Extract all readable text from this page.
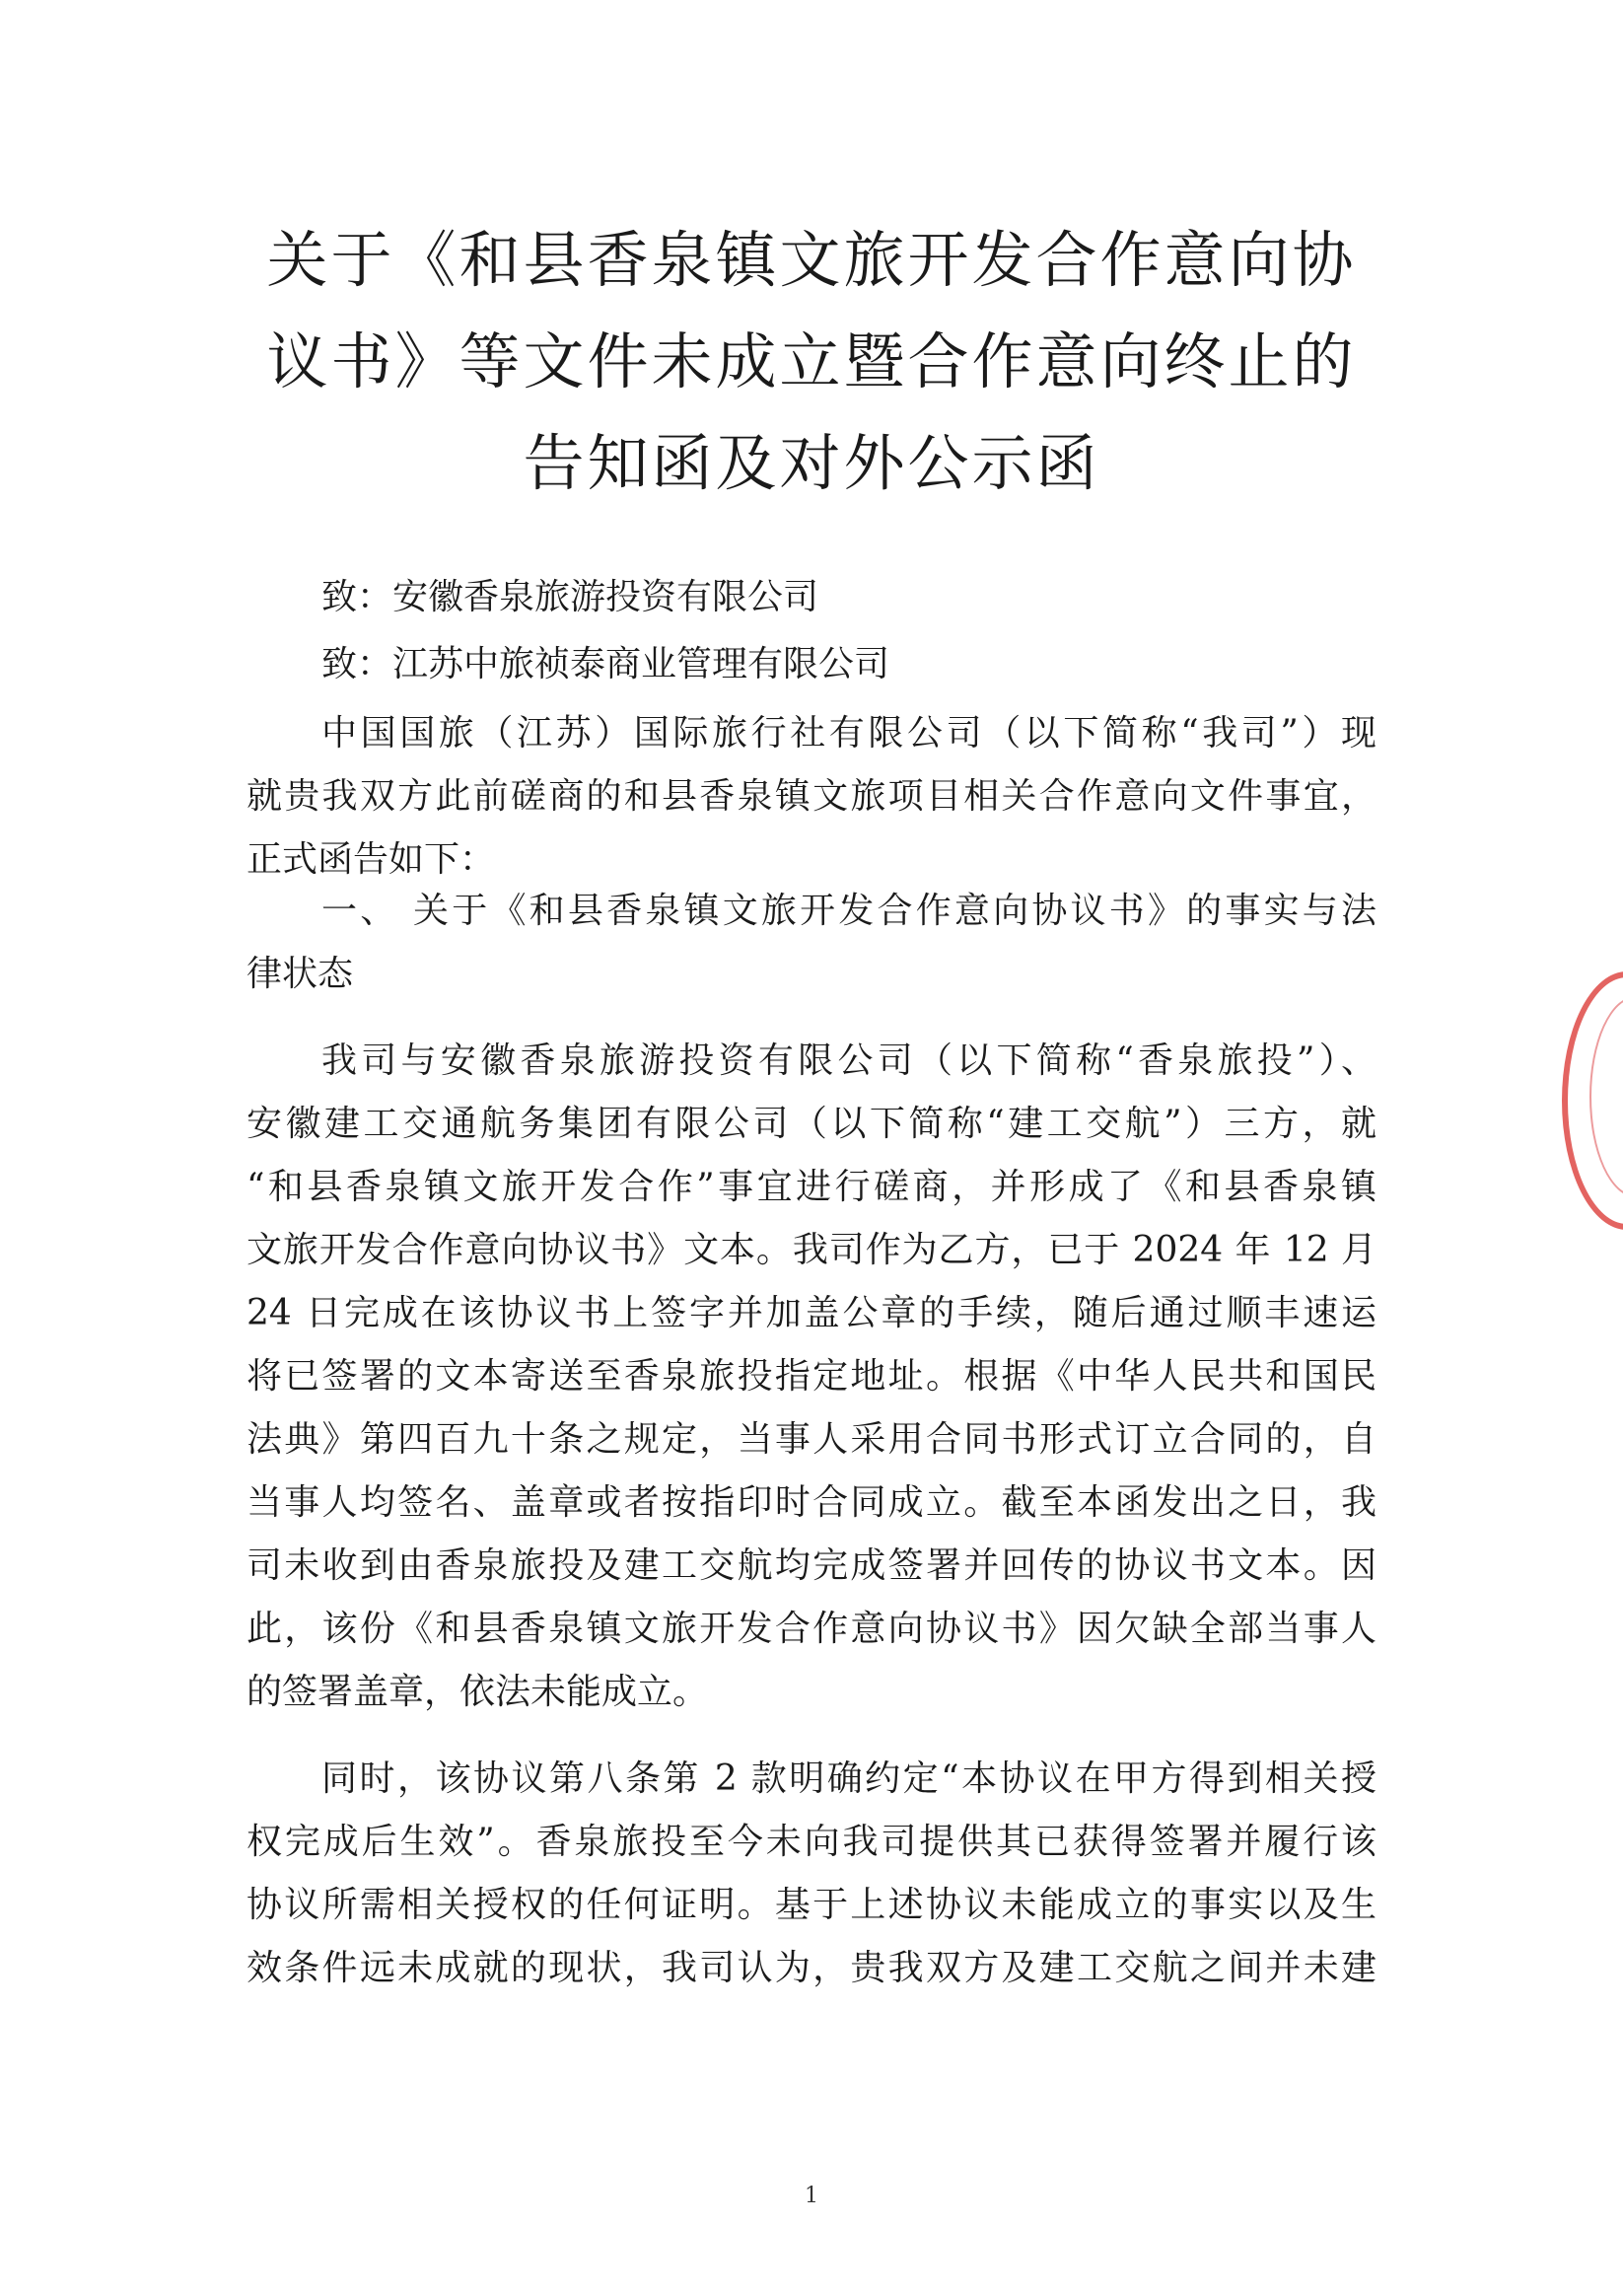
关于《和县香泉镇文旅开发合作意向协
议书》等文件未成立暨合作意向终止的
告知函及对外公示函
致：安徽香泉旅游投资有限公司
致：江苏中旅祯泰商业管理有限公司
中国国旅（江苏）国际旅行社有限公司（以下简称“我司”）现
就贵我双方此前磋商的和县香泉镇文旅项目相关合作意向文件事宜，
正式函告如下：
一、 关于《和县香泉镇文旅开发合作意向协议书》的事实与法
律状态
我司与安徽香泉旅游投资有限公司（以下简称“香泉旅投”）、
安徽建工交通航务集团有限公司（以下简称“建工交航”）三方，就
“和县香泉镇文旅开发合作”事宜进行磋商，并形成了《和县香泉镇
文旅开发合作意向协议书》文本。我司作为乙方，已于 2024 年 12 月
24 日完成在该协议书上签字并加盖公章的手续，随后通过顺丰速运
将已签署的文本寄送至香泉旅投指定地址。根据《中华人民共和国民
法典》第四百九十条之规定，当事人采用合同书形式订立合同的，自
当事人均签名、盖章或者按指印时合同成立。截至本函发出之日，我
司未收到由香泉旅投及建工交航均完成签署并回传的协议书文本。因
此，该份《和县香泉镇文旅开发合作意向协议书》因欠缺全部当事人
的签署盖章，依法未能成立。
同时，该协议第八条第 2 款明确约定“本协议在甲方得到相关授
权完成后生效”。香泉旅投至今未向我司提供其已获得签署并履行该
协议所需相关授权的任何证明。基于上述协议未能成立的事实以及生
效条件远未成就的现状，我司认为，贵我双方及建工交航之间并未建
1
